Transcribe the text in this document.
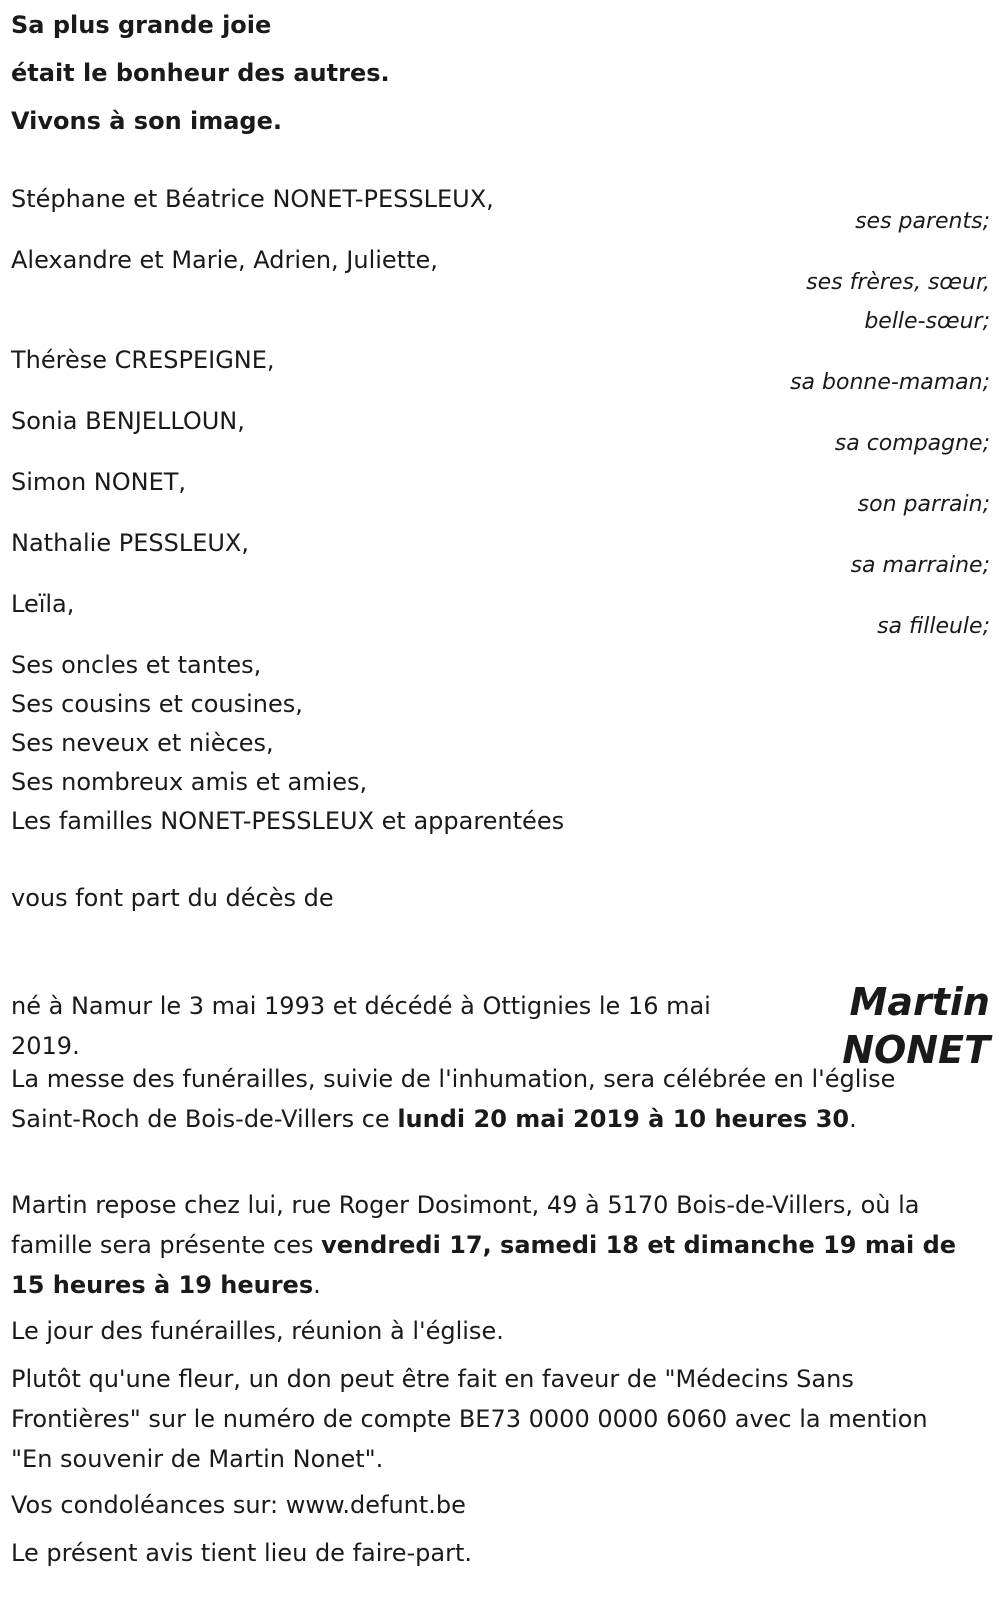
Sa plus grande joie
était le bonheur des autres.
Vivons à son image.
Stéphane et Béatrice NONET-PESSLEUX,
ses parents;
Alexandre et Marie, Adrien, Juliette,
ses frères, sœur,
belle-sœur;
Thérèse CRESPEIGNE,
sa bonne-maman;
Sonia BENJELLOUN,
sa compagne;
Simon NONET,
son parrain;
Nathalie PESSLEUX,
sa marraine;
Leïla,
sa filleule;
Ses oncles et tantes,
Ses cousins et cousines,
Ses neveux et nièces,
Ses nombreux amis et amies,
Les familles NONET-PESSLEUX et apparentées
vous font part du décès de
Martin
NONET
né à Namur le 3 mai 1993 et décédé à Ottignies le 16 mai 2019.
La messe des funérailles, suivie de l'inhumation, sera célébrée en l'église Saint-Roch de Bois-de-Villers ce lundi 20 mai 2019 à 10 heures 30.
Martin repose chez lui, rue Roger Dosimont, 49 à 5170 Bois-de-Villers, où la famille sera présente ces vendredi 17, samedi 18 et dimanche 19 mai de 15 heures à 19 heures.
Le jour des funérailles, réunion à l'église.
Plutôt qu'une fleur, un don peut être fait en faveur de "Médecins Sans Frontières" sur le numéro de compte BE73 0000 0000 6060 avec la mention "En souvenir de Martin Nonet".
Vos condoléances sur: www.defunt.be
Le présent avis tient lieu de faire-part.
